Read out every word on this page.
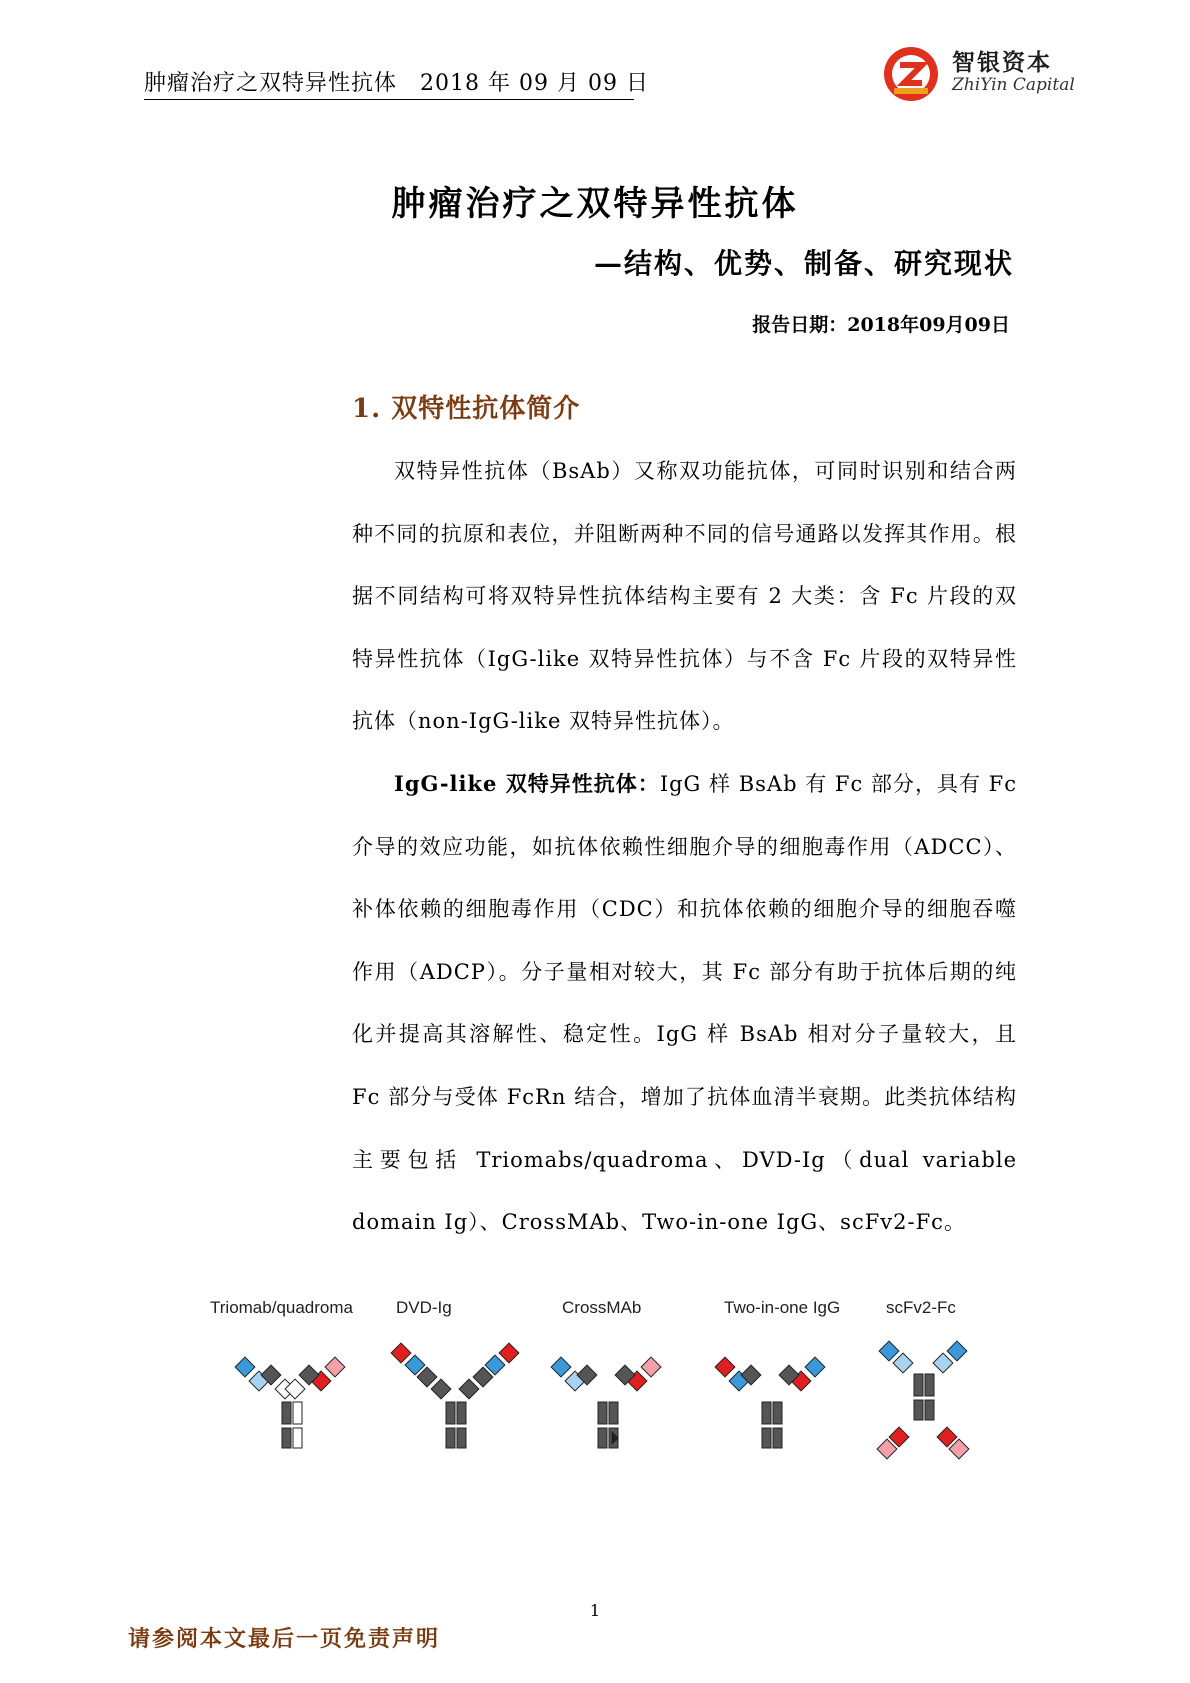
肿瘤治疗之双特异性抗体　2018 年 09 月 09 日
智银资本
ZhiYin Capital
肿瘤治疗之双特异性抗体
—结构、优势、制备、研究现状
报告日期：2018年09月09日
1. 双特性抗体简介

双特异性抗体（BsAb）又称双功能抗体，可同时识别和结合两种不同的抗原和表位，并阻断两种不同的信号通路以发挥其作用。根据不同结构可将双特异性抗体结构主要有 2 大类：含 Fc 片段的双特异性抗体（IgG-like 双特异性抗体）与不含 Fc 片段的双特异性抗体（non-IgG-like 双特异性抗体）。

IgG-like 双特异性抗体：IgG 样 BsAb 有 Fc 部分，具有 Fc 介导的效应功能，如抗体依赖性细胞介导的细胞毒作用（ADCC）、补体依赖的细胞毒作用（CDC）和抗体依赖的细胞介导的细胞吞噬作用（ADCP）。分子量相对较大，其 Fc 部分有助于抗体后期的纯化并提高其溶解性、稳定性。IgG 样 BsAb 相对分子量较大，且 Fc 部分与受体 FcRn 结合，增加了抗体血清半衰期。此类抗体结构主要包括 Triomabs/quadroma、DVD-Ig（dual variable domain Ig）、CrossMAb、Two-in-one IgG、scFv2-Fc。

Triomab/quadroma	DVD-Ig	CrossMAb	Two-in-one IgG	scFv2-Fc
1
请参阅本文最后一页免责声明
